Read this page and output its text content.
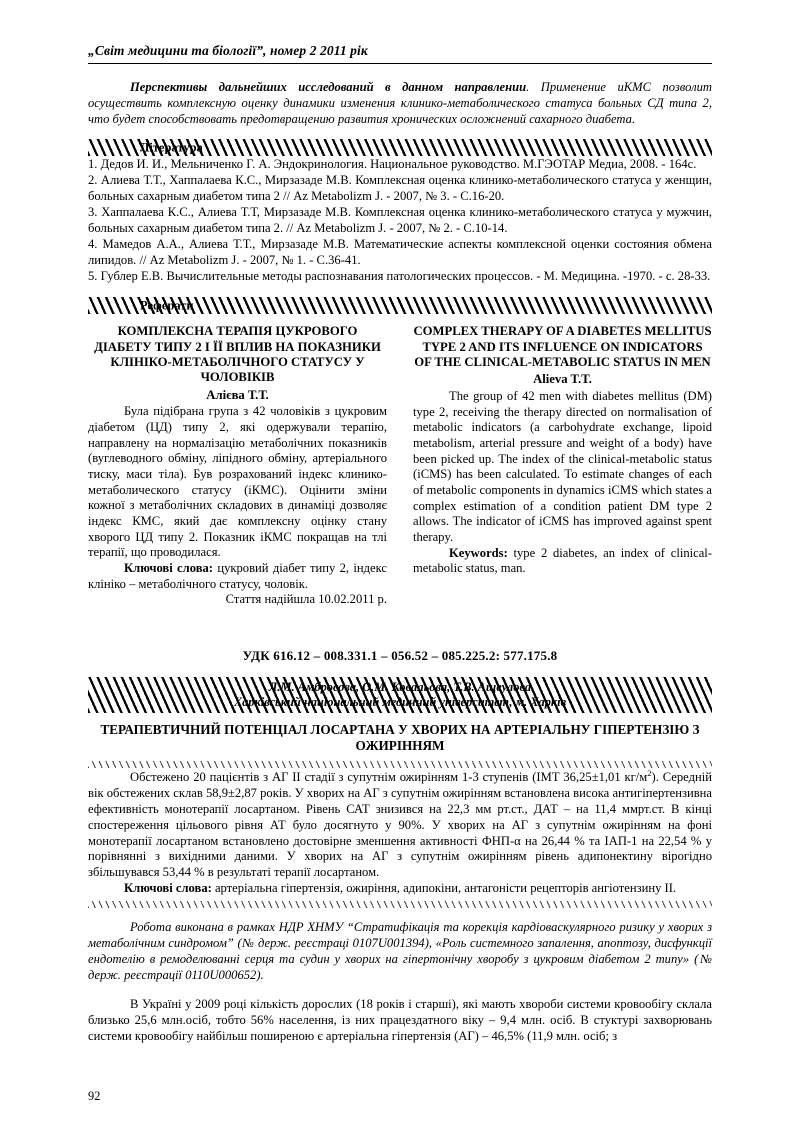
„Світ медицини та біології”, номер 2 2011 рік

Перспективы дальнейших исследований в данном направлении. Применение иКМС позволит осуществить комплексную оценку динамики изменения клинико-метаболического статуса больных СД типа 2, что будет способствовать предотвращению развития хронических осложнений сахарного диабета.

Література

1. Дедов И. И., Мельниченко Г. А. Эндокринология. Национальное руководство. М.ГЭОТАР Медиа, 2008. - 164с.

2. Алиева Т.Т., Хаппалаева К.С., Мирзазаде М.В. Комплексная оценка клинико-метаболического статуса у женщин, больных сахарным диабетом типа 2 // Az Metabolizm J. - 2007, № 3. - С.16-20.

3. Хаппалаева К.С., Алиева Т.Т, Мирзазаде М.В. Комплексная оценка клинико-метаболического статуса у мужчин, больных сахарным диабетом типа 2. // Az Metabolizm J. - 2007, № 2. - С.10-14.

4. Мамедов А.А., Алиева Т.Т., Мирзазаде М.В. Математические аспекты комплексной оценки состояния обмена липидов. // Az Metabolizm J. - 2007, № 1. - С.36-41.

5. Гублер Е.В. Вычислительные методы распознавания патологических процессов. - М. Медицина. -1970. - с. 28-33.

Реферати
КОМПЛЕКСНА ТЕРАПІЯ ЦУКРОВОГО ДІАБЕТУ ТИПУ 2 І ЇЇ ВПЛИВ НА ПОКАЗНИКИ КЛІНІКО-МЕТАБОЛІЧНОГО СТАТУСУ У ЧОЛОВІКІВ
Алієва Т.Т.

Була підібрана група з 42 чоловіків з цукровим діабетом (ЦД) типу 2, які одержували терапію, направлену на нормалізацію метаболічних показників (вуглеводного обміну, ліпідного обміну, артеріального тиску, маси тіла). Був розрахований індекс клинико-метаболического статусу (іКМС). Оцінити зміни кожної з метаболічних складових в динаміці дозволяє індекс КМС, який дає комплексну оцінку стану хворого ЦД типу 2. Показник іКМС покращав на тлі терапії, що проводилася.

Ключові слова: цукровий діабет типу 2, індекс клініко – метаболічного статусу, чоловік.

Стаття надійшла 10.02.2011 р.

COMPLEX THERAPY OF A DIABETES MELLITUS TYPE 2 AND ITS INFLUENCE ON INDICATORS OF THE CLINICAL-METABOLIC STATUS IN MEN
Alieva T.T.

The group of 42 men with diabetes mellitus (DM) type 2, receiving the therapy directed on normalisation of metabolic indicators (a carbohydrate exchange, lipoid metabolism, arterial pressure and weight of a body) have been picked up. The index of the clinical-metabolic status (iCMS) has been calculated. To estimate changes of each of metabolic components in dynamics iCMS which states a complex estimation of a condition patient DM type 2 allows. The indicator of iCMS has improved against spent therapy.

Keywords: type 2 diabetes, an index of clinical-metabolic status, man.

УДК 616.12 – 008.331.1 – 056.52 – 085.225.2: 577.175.8
Л.М. Амбросова, О.М. Ковальова, Т.В. Ащеулова
Харківський національний медичний університет, м. Харків
ТЕРАПЕВТИЧНИЙ ПОТЕНЦІАЛ ЛОСАРТАНА У ХВОРИХ НА АРТЕРІАЛЬНУ ГІПЕРТЕНЗІЮ З ОЖИРІННЯМ

Обстежено 20 пацієнтів з АГ ІІ стадії з супутнім ожирінням 1-3 ступенів (ІМТ 36,25±1,01 $кг/м^2$). Середній вік обстежених склав 58,9±2,87 років. У хворих на АГ з супутнім ожирінням встановлена висока антигіпертензивна ефективність монотерапії лосартаном. Рівень САТ знизився на 22,3 мм рт.ст., ДАТ – на 11,4 ммрт.ст. В кінці спостереження цільового рівня АТ було досягнуто у 90%. У хворих на АГ з супутнім ожирінням на фоні монотерапії лосартаном встановлено достовірне зменшення активності ФНП-α на 26,44 % та ІАП-1 на 22,54 % у порівнянні з вихідними даними. У хворих на АГ з супутнім ожирінням рівень адипонектину вірогідно збільшувався 53,44 % в результаті терапії лосартаном.

Ключові слова: артеріальна гіпертензія, ожиріння, адипокіни, антагоністи рецепторів ангіотензину ІІ.

Робота виконана в рамках НДР ХНМУ “Стратифікація та корекція кардіоваскулярного ризику у хворих з метаболічним синдромом” (№ держ. реєстраці 0107U001394), «Роль системного запалення, апоптозу, дисфункції ендотелію в ремоделюванні серця та судин у хворих на гіпертонічну хворобу з цукровим діабетом 2 типу» (№ держ. реєстрації 0110U000652).

В Україні у 2009 році кількість дорослих (18 років і старші), які мають хвороби системи кровообігу склала близько 25,6 млн.осіб, тобто 56% населення, із них працездатного віку – 9,4 млн. осіб. В стуктурі захворювань системи кровообігу найбільш поширеною є артеріальна гіпертензія (АГ) – 46,5% (11,9 млн. осіб; з

92
